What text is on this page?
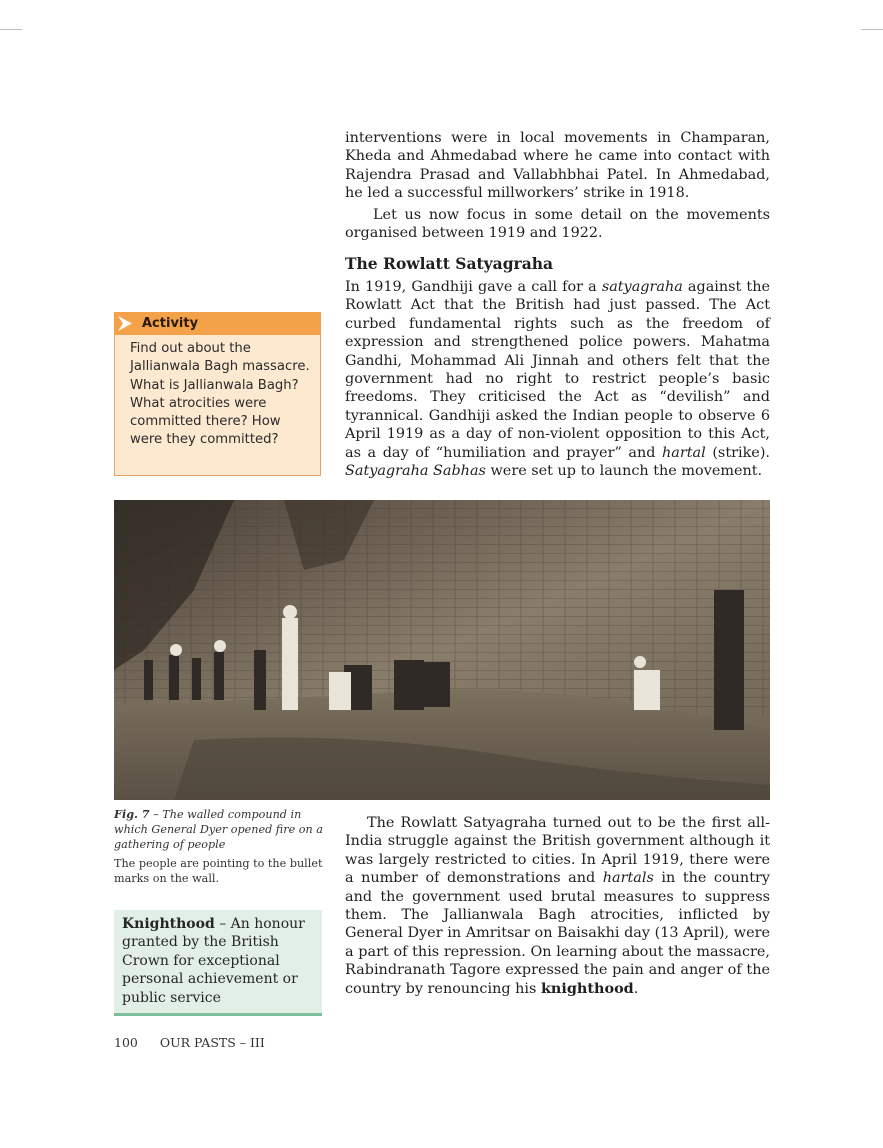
interventions were in local movements in Champaran, Kheda and Ahmedabad where he came into contact with Rajendra Prasad and Vallabhbhai Patel. In Ahmedabad, he led a successful millworkers’ strike in 1918.

Let us now focus in some detail on the movements organised between 1919 and 1922.

The Rowlatt Satyagraha

In 1919, Gandhiji gave a call for a satyagraha against the Rowlatt Act that the British had just passed. The Act curbed fundamental rights such as the freedom of expression and strengthened police powers. Mahatma Gandhi, Mohammad Ali Jinnah and others felt that the government had no right to restrict people’s basic freedoms. They criticised the Act as “devilish” and tyrannical. Gandhiji asked the Indian people to observe 6 April 1919 as a day of non-violent opposition to this Act, as a day of “humiliation and prayer” and hartal (strike). Satyagraha Sabhas were set up to launch the movement.

Activity
Find out about the Jallianwala Bagh massacre. What is Jallianwala Bagh? What atrocities were committed there? How were they committed?
Fig. 7 – The walled compound in which General Dyer opened fire on a gathering of people
The people are pointing to the bullet marks on the wall.
Knighthood – An honour granted by the British Crown for exceptional personal achievement or public service

The Rowlatt Satyagraha turned out to be the first all-India struggle against the British government although it was largely restricted to cities. In April 1919, there were a number of demonstrations and hartals in the country and the government used brutal measures to suppress them. The Jallianwala Bagh atrocities, inflicted by General Dyer in Amritsar on Baisakhi day (13 April), were a part of this repression. On learning about the massacre, Rabindranath Tagore expressed the pain and anger of the country by renouncing his knighthood.

100 OUR PASTS – III
